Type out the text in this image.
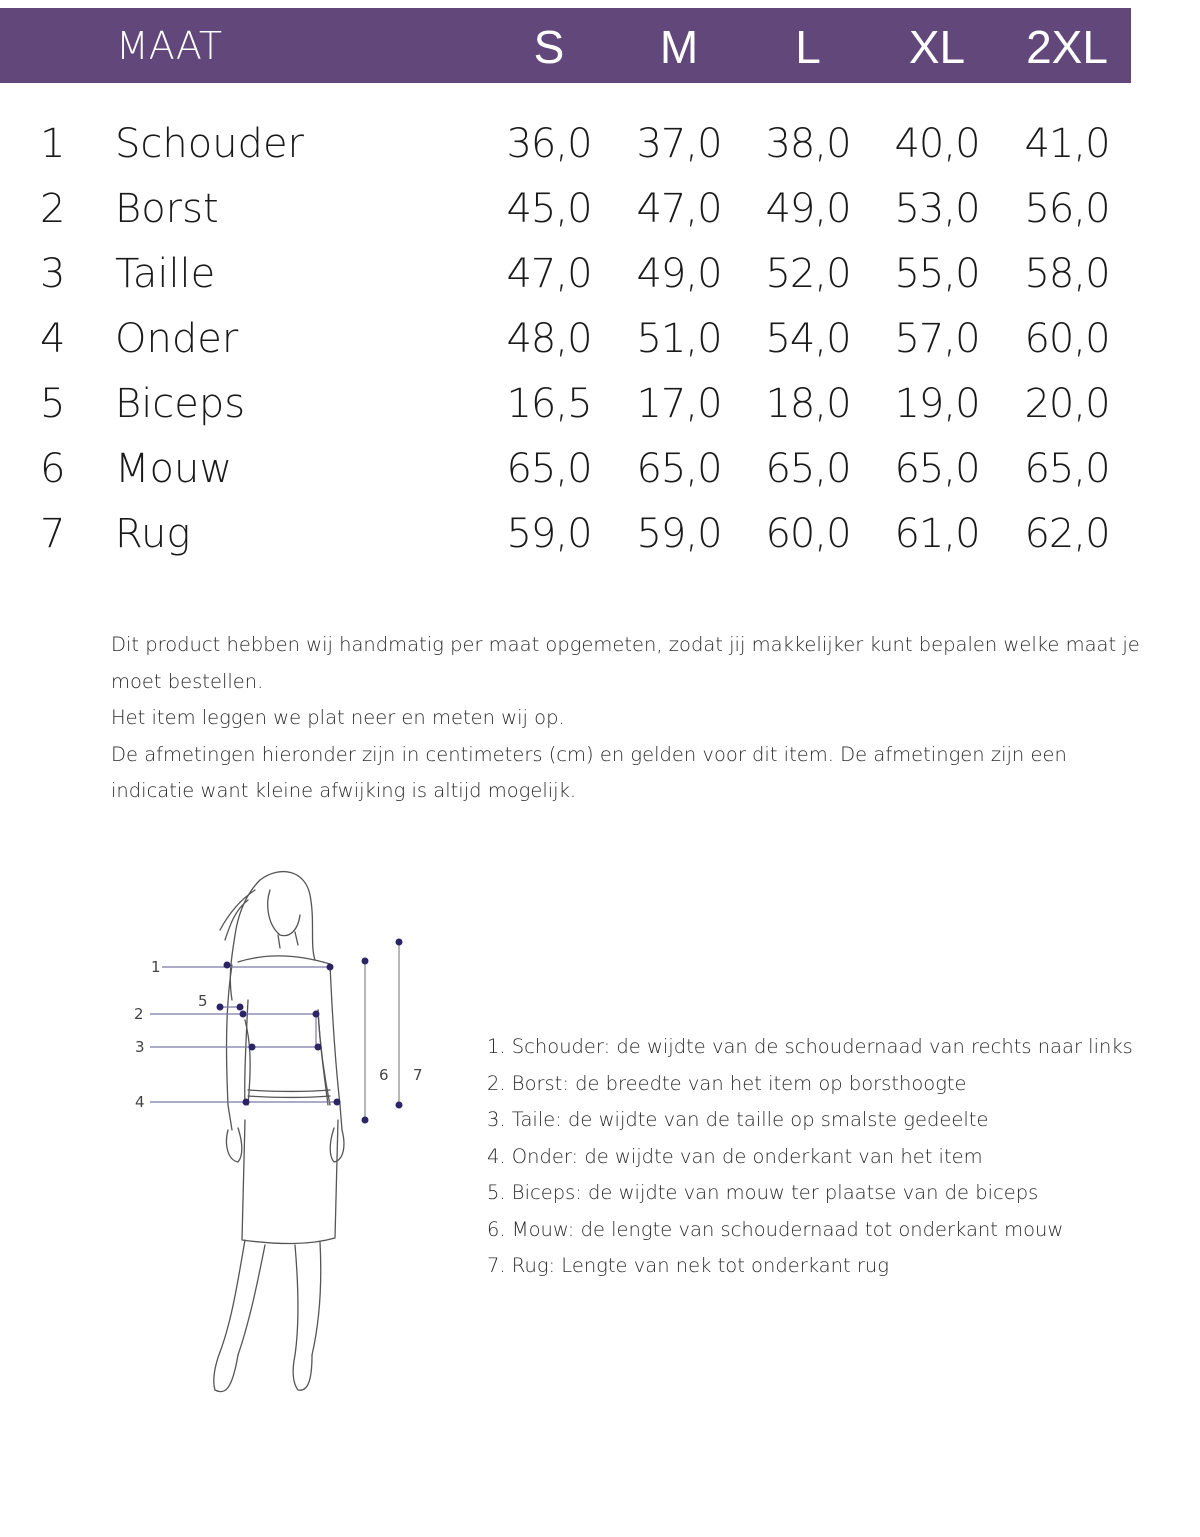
MAAT	S	M	L	XL	2XL
1 Schouder	36,0	37,0	38,0	40,0	41,0
2 Borst	45,0	47,0	49,0	53,0	56,0
3 Taille	47,0	49,0	52,0	55,0	58,0
4 Onder	48,0	51,0	54,0	57,0	60,0
5 Biceps	16,5	17,0	18,0	19,0	20,0
6 Mouw	65,0	65,0	65,0	65,0	65,0
7 Rug	59,0	59,0	60,0	61,0	62,0

Dit product hebben wij handmatig per maat opgemeten, zodat jij makkelijker kunt bepalen welke maat je

moet bestellen.

Het item leggen we plat neer en meten wij op.

De afmetingen hieronder zijn in centimeters (cm) en gelden voor dit item. De afmetingen zijn een

indicatie want kleine afwijking is altijd mogelijk.

1
2
3
4
5
6 7

1. Schouder: de wijdte van de schoudernaad van rechts naar links

2. Borst: de breedte van het item op borsthoogte

3. Taile: de wijdte van de taille op smalste gedeelte

4. Onder: de wijdte van de onderkant van het item

5. Biceps: de wijdte van mouw ter plaatse van de biceps

6. Mouw: de lengte van schoudernaad tot onderkant mouw

7. Rug: Lengte van nek tot onderkant rug
